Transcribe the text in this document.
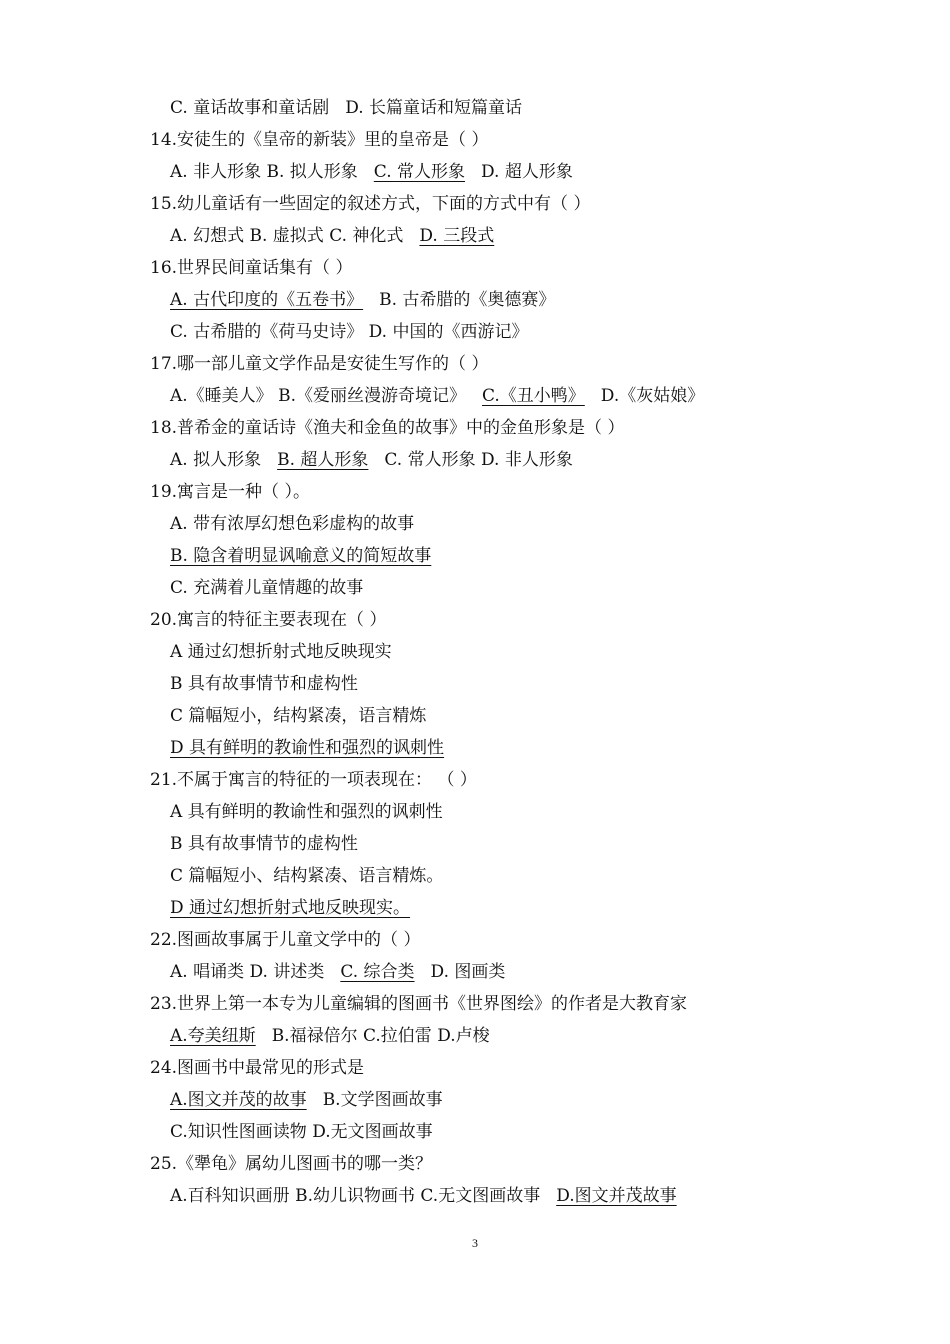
C. 童话故事和童话剧 D. 长篇童话和短篇童话
14.安徒生的《皇帝的新装》里的皇帝是（ ）
A. 非人形象 B. 拟人形象 C. 常人形象 D. 超人形象
15.幼儿童话有一些固定的叙述方式，下面的方式中有（ ）
A. 幻想式 B. 虚拟式 C. 神化式 D. 三段式
16.世界民间童话集有（ ）
A. 古代印度的《五卷书》 B. 古希腊的《奥德赛》
C. 古希腊的《荷马史诗》 D. 中国的《西游记》
17.哪一部儿童文学作品是安徒生写作的（ ）
A.《睡美人》 B.《爱丽丝漫游奇境记》 C.《丑小鸭》 D.《灰姑娘》
18.普希金的童话诗《渔夫和金鱼的故事》中的金鱼形象是（ ）
A. 拟人形象 B. 超人形象 C. 常人形象 D. 非人形象
19.寓言是一种（ ）。
A. 带有浓厚幻想色彩虚构的故事
B. 隐含着明显讽喻意义的简短故事
C. 充满着儿童情趣的故事
20.寓言的特征主要表现在（ ）
A 通过幻想折射式地反映现实
B 具有故事情节和虚构性
C 篇幅短小，结构紧凑，语言精炼
D 具有鲜明的教谕性和强烈的讽刺性
21.不属于寓言的特征的一项表现在： （ ）
A 具有鲜明的教谕性和强烈的讽刺性
B 具有故事情节的虚构性
C 篇幅短小、结构紧凑、语言精炼。
D 通过幻想折射式地反映现实。
22.图画故事属于儿童文学中的（ ）
A. 唱诵类 D. 讲述类 C. 综合类 D. 图画类
23.世界上第一本专为儿童编辑的图画书《世界图绘》的作者是大教育家
A.夸美纽斯 B.福禄倍尔 C.拉伯雷 D.卢梭
24.图画书中最常见的形式是
A.图文并茂的故事 B.文学图画故事
C.知识性图画读物 D.无文图画故事
25.《犟龟》属幼儿图画书的哪一类？
A.百科知识画册 B.幼儿识物画书 C.无文图画故事 D.图文并茂故事
3
